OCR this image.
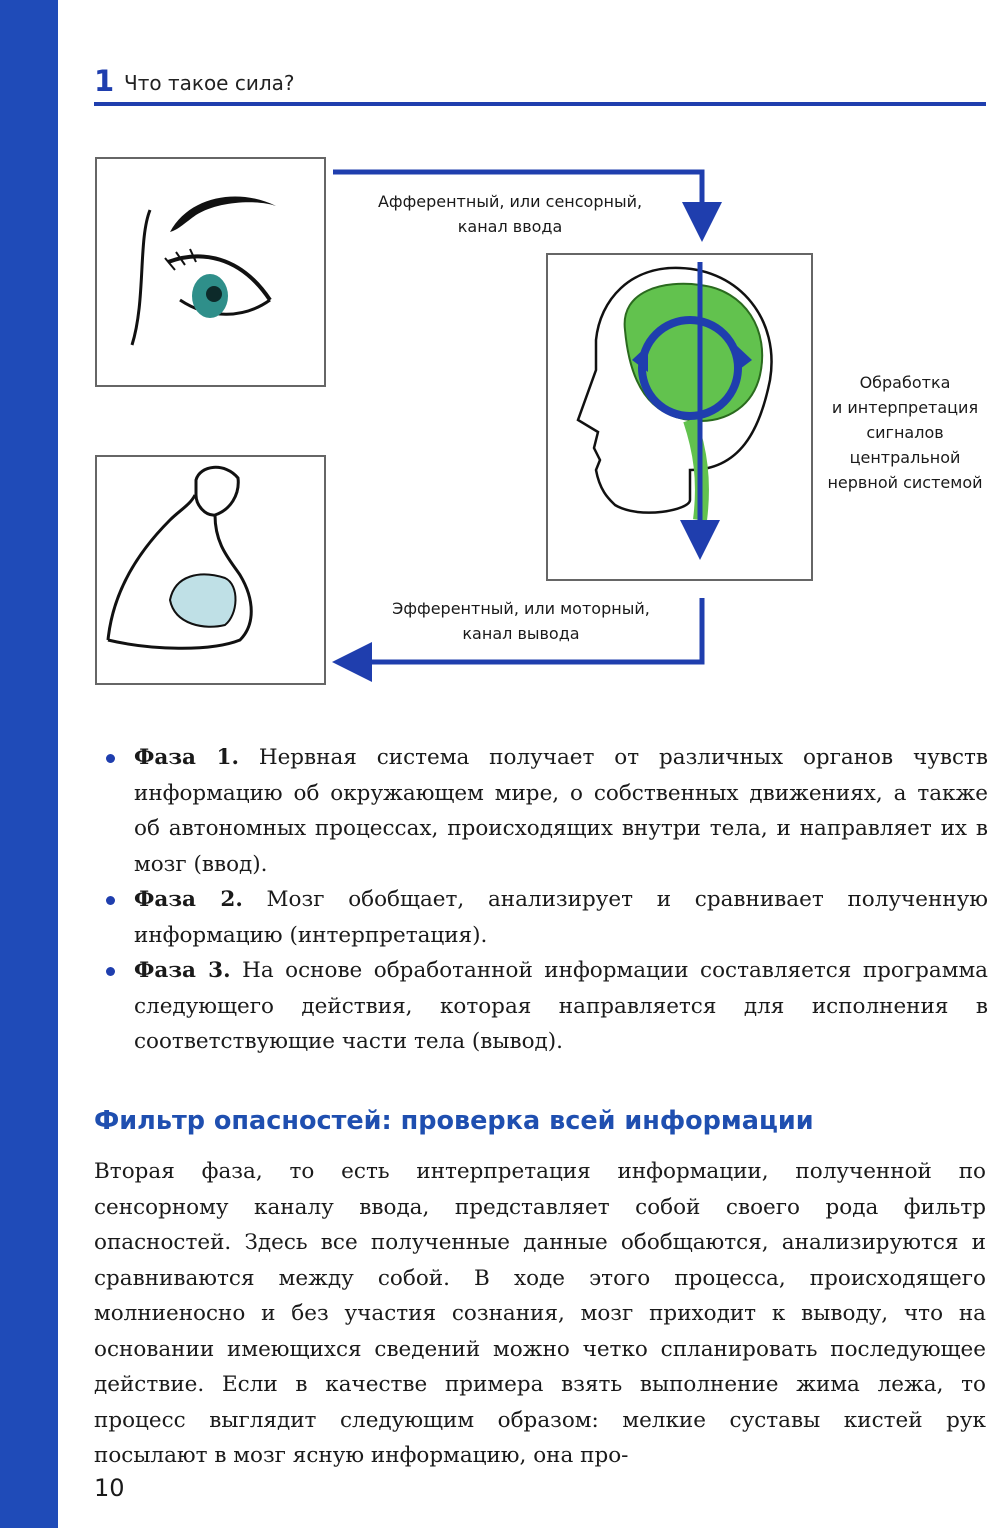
1 Что такое сила?
Афферентный, или сенсорный,
канал ввода
Обработка
и интерпретация
сигналов
центральной
нервной системой
Эфферентный, или моторный,
канал вывода
Фаза 1. Нервная система получает от различных органов чувств информацию об окружающем мире, о собственных движениях, а также об автономных процессах, происходящих внутри тела, и направляет их в мозг (ввод).
Фаза 2. Мозг обобщает, анализирует и сравнивает полученную информацию (интерпретация).
Фаза 3. На основе обработанной информации составляется программа следующего действия, которая направляется для исполнения в соответствующие части тела (вывод).
Фильтр опасностей: проверка всей информации

Вторая фаза, то есть интерпретация информации, полученной по сенсорному каналу ввода, представляет собой своего рода фильтр опасностей. Здесь все полученные данные обобщаются, анализируются и сравниваются между собой. В ходе этого процесса, происходящего молниеносно и без участия сознания, мозг приходит к выводу, что на основании имеющихся сведений можно четко спланировать последующее действие. Если в качестве примера взять выполнение жима лежа, то процесс выглядит следующим образом: мелкие суставы кистей рук посылают в мозг ясную информацию, она про-

10
